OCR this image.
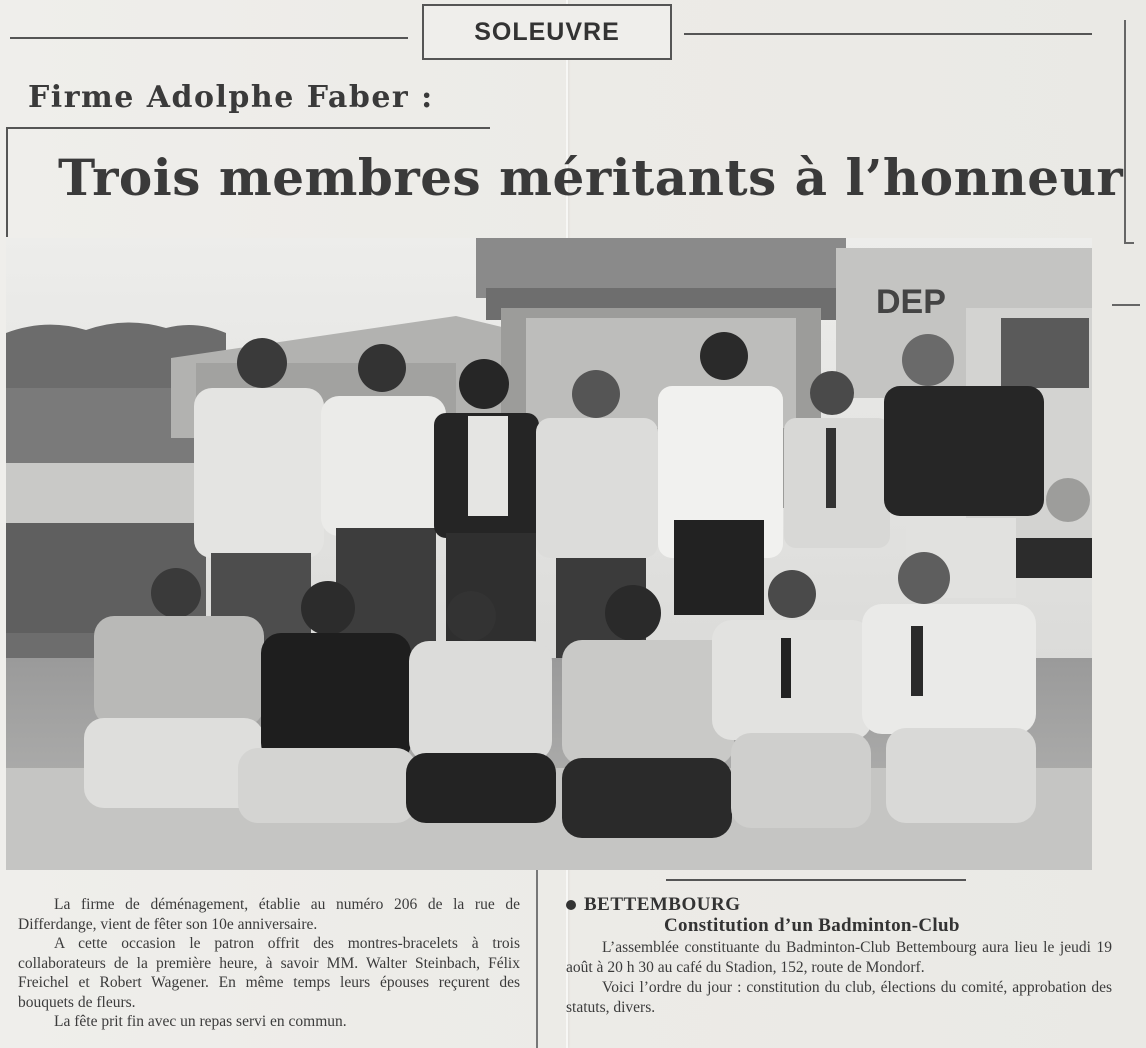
SOLEUVRE
Firme Adolphe Faber :
Trois membres méritants à l’honneur
DEP

La firme de déménagement, établie au numéro 206 de la rue de Differdange, vient de fêter son 10e anniversaire.

A cette occasion le patron offrit des montres-bracelets à trois collaborateurs de la première heure, à savoir MM. Walter Steinbach, Félix Freichel et Robert Wagener. En même temps leurs épouses reçurent des bouquets de fleurs.

La fête prit fin avec un repas servi en commun.

BETTEMBOURG
Constitution d’un Badminton-Club

L’assemblée constituante du Badminton-Club Bettembourg aura lieu le jeudi 19 août à 20 h 30 au café du Stadion, 152, route de Mondorf.

Voici l’ordre du jour : constitution du club, élections du comité, approbation des statuts, divers.
